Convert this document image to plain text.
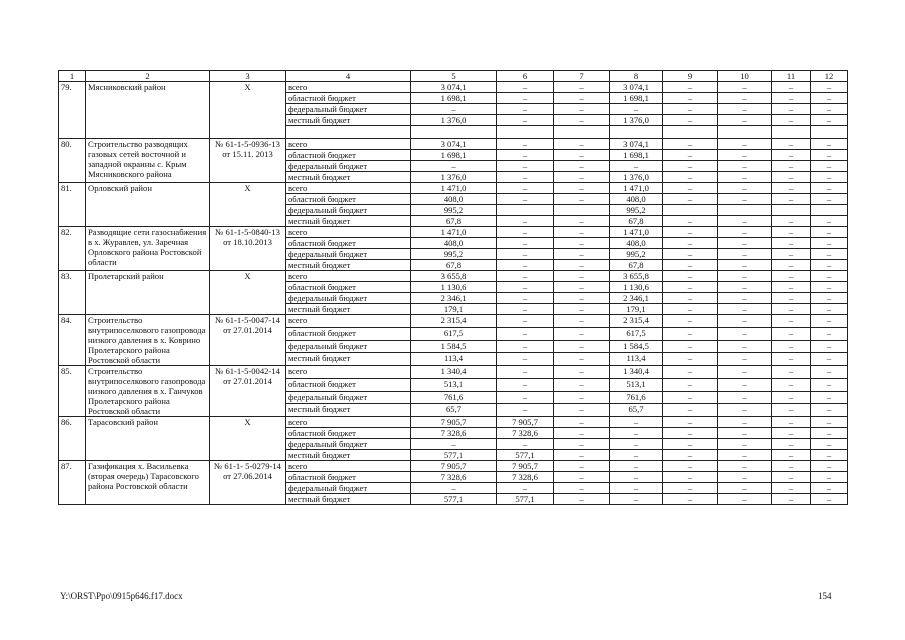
1	2	3	4	5	6	7	8	9	10	11	12
79.	Мясниковский район	Х	всего	3 074,1	–	–	3 074,1	–	–	–	–
			областной бюджет	1 698,1	–	–	1 698,1	–	–	–	–
			федеральный бюджет	–	–	–	–	–	–	–	–
			местный бюджет	1 376,0	–	–	1 376,0	–	–	–	–

80.	Строительство разводящих газовых сетей восточной и западной окраины с. Крым Мясниковского района	№ 61-1-5-0936-13 от 15.11. 2013	всего	3 074,1	–	–	3 074,1	–	–	–	–
			областной бюджет	1 698,1	–	–	1 698,1	–	–	–	–
			федеральный бюджет	–	–	–	–	–	–	–	–
			местный бюджет	1 376,0	–	–	1 376,0	–	–	–	–
81.	Орловский район	Х	всего	1 471,0	–	–	1 471,0	–	–	–	–
			областной бюджет	408,0	–	–	408,0	–	–	–	–
			федеральный бюджет	995,2			995,2				
			местный бюджет	67,8	–	–	67,8	–	–	–	–
82.	Разводящие сети газоснабжения в х. Журавлев, ул. Заречная Орловского района Ростовской области	№ 61-1-5-0840-13 от 18.10.2013	всего	1 471,0	–	–	1 471,0	–	–	–	–
			областной бюджет	408,0	–	–	408,0	–	–	–	–
			федеральный бюджет	995,2	–	–	995,2	–	–	–	–
			местный бюджет	67,8	–	–	67,8	–	–	–	–
83.	Пролетарский район	Х	всего	3 655,8	–	–	3 655,8	–	–	–	–
			областной бюджет	1 130,6	–	–	1 130,6	–	–	–	–
			федеральный бюджет	2 346,1	–	–	2 346,1	–	–	–	–
			местный бюджет	179,1	–	–	179,1	–	–	–	–
84.	Строительство внутрипоселкового газопровода низкого давления в х. Коврино Пролетарского района Ростовской области	№ 61-1-5-0047-14 от 27.01.2014	всего	2 315,4	–	–	2 315,4	–	–	–	–
			областной бюджет	617,5	–	–	617,5	–	–	–	–
			федеральный бюджет	1 584,5	–	–	1 584,5	–	–	–	–
			местный бюджет	113,4	–	–	113,4	–	–	–	–
85.	Строительство внутрипоселкового газопровода низкого давления в х. Ганчуков Пролетарского района Ростовской области	№ 61-1-5-0042-14 от 27.01.2014	всего	1 340,4	–	–	1 340,4	–	–	–	–
			областной бюджет	513,1	–	–	513,1	–	–	–	–
			федеральный бюджет	761,6	–	–	761,6	–	–	–	–
			местный бюджет	65,7	–	–	65,7	–	–	–	–
86.	Тарасовский район	Х	всего	7 905,7	7 905,7	–	–	–	–	–	–
			областной бюджет	7 328,6	7 328,6	–	–	–	–	–	–
			федеральный бюджет	–	–	–	–	–	–	–	–
			местный бюджет	577,1	577,1	–	–	–	–	–	–
87.	Газификация х. Васильевка (вторая очередь) Тарасовского района Ростовской области	№ 61-1- 5-0279-14 от 27.06.2014	всего	7 905,7	7 905,7	–	–	–	–	–	–
			областной бюджет	7 328,6	7 328,6	–	–	–	–	–	–
			федеральный бюджет	–	–	–	–	–	–	–	–
			местный бюджет	577,1	577,1	–	–	–	–	–	–
Y:\ORST\Ppo\0915p646.f17.docx	154
